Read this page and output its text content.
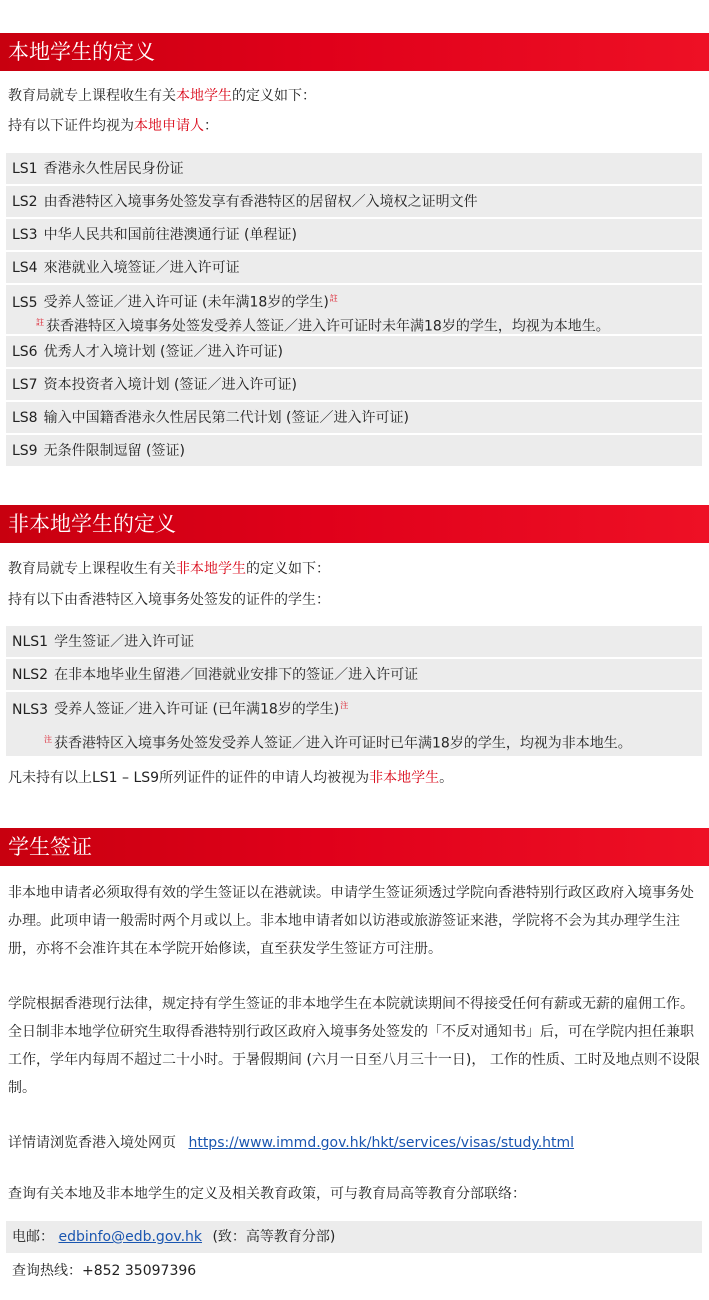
本地学生的定义
教育局就专上课程收生有关本地学生的定义如下：
持有以下证件均视为本地申请人：
LS1 香港永久性居民身份证
LS2 由香港特区入境事务处签发享有香港特区的居留权／入境权之证明文件
LS3 中华人民共和国前往港澳通行证 (单程证)
LS4 來港就业入境签证／进入许可证
LS5 受养人签证／进入许可证 (未年满18岁的学生)$^註$
$^註$ 获香港特区入境事务处签发受养人签证／进入许可证时未年满18岁的学生，均视为本地生。
LS6 优秀人才入境计划 (签证／进入许可证)
LS7 资本投资者入境计划 (签证／进入许可证)
LS8 输入中国籍香港永久性居民第二代计划 (签证／进入许可证)
LS9 无条件限制逗留 (签证)
非本地学生的定义
教育局就专上课程收生有关非本地学生的定义如下：
持有以下由香港特区入境事务处签发的证件的学生：
NLS1 学生签证／进入许可证
NLS2 在非本地毕业生留港／回港就业安排下的签证／进入许可证
NLS3 受养人签证／进入许可证 (已年满18岁的学生)$^注$
$^注$ 获香港特区入境事务处签发受养人签证／进入许可证时已年满18岁的学生，均视为非本地生。
凡未持有以上LS1 – LS9所列证件的证件的申请人均被视为非本地学生。
学生签证
非本地申请者必须取得有效的学生签证以在港就读。申请学生签证须透过学院向香港特别行政区政府入境事务处办理。此项申请一般需时两个月或以上。非本地申请者如以访港或旅游签证来港，学院将不会为其办理学生注册，亦将不会准许其在本学院开始修读，直至获发学生签证方可注册。
学院根据香港现行法律，规定持有学生签证的非本地学生在本院就读期间不得接受任何有薪或无薪的雇佣工作。全日制非本地学位研究生取得香港特别行政区政府入境事务处签发的「不反对通知书」后，可在学院内担任兼职工作，学年内每周不超过二十小时。于暑假期间 (六月一日至八月三十一日)， 工作的性质、工时及地点则不设限制。
详情请浏览香港入境处网页 https://www.immd.gov.hk/hkt/services/visas/study.html
查询有关本地及非本地学生的定义及相关教育政策，可与教育局高等教育分部联络：
电邮： edbinfo@edb.gov.hk (致：高等教育分部)
查询热线：+852 35097396
